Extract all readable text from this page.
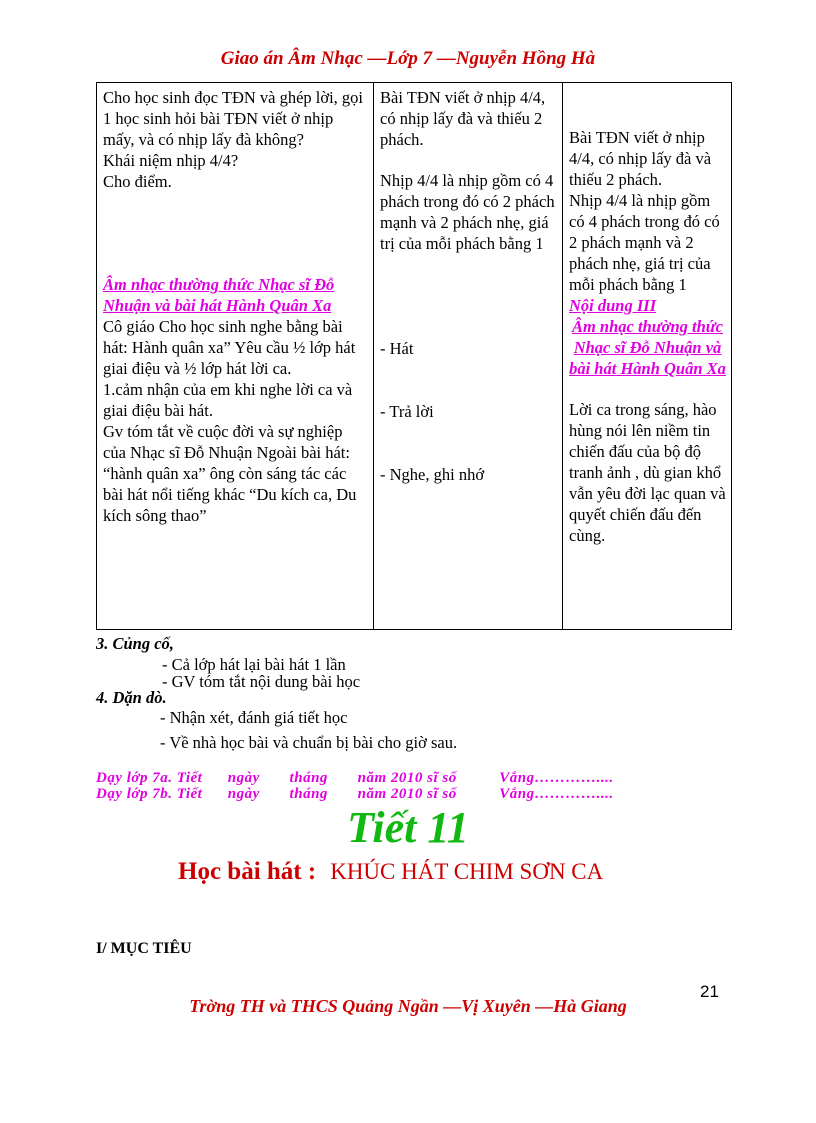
Giao án Âm Nhạc —Lớp 7 —Nguyễn Hồng Hà
Cho học sinh đọc TĐN và ghép lời, gọi 1 học sinh hỏi bài TĐN viết ở nhịp mấy, và có nhịp lấy đà không?
Khái niệm nhịp 4/4?
Cho điểm.
Âm nhạc thường thức Nhạc sĩ Đỗ Nhuận và bài hát Hành Quân Xa
Cô giáo Cho học sinh nghe bằng bài hát: Hành quân xa” Yêu cầu ½ lớp hát giai điệu và ½ lớp hát lời ca.
1.cảm nhận của em khi nghe lời ca và giai điệu bài hát.
Gv tóm tắt về cuộc đời và sự nghiệp của Nhạc sĩ Đỗ Nhuận Ngoài bài hát: “hành quân xa” ông còn sáng tác các bài hát nổi tiếng khác “Du kích ca, Du kích sông thao”

Bài TĐN viết ở nhịp 4/4, có nhịp lấy đà và thiếu 2 phách.
Nhịp 4/4 là nhịp gồm có 4 phách trong đó có 2 phách mạnh và 2 phách nhẹ, giá trị của mỗi phách bằng 1
- Hát
- Trả lời
- Nghe, ghi nhớ

Bài TĐN viết ở nhịp 4/4, có nhịp lấy đà và thiếu 2 phách.
Nhịp 4/4 là nhịp gồm có 4 phách trong đó có 2 phách mạnh và 2 phách nhẹ, giá trị của mỗi phách bằng 1
Nội dung III
Âm nhạc thường thức Nhạc sĩ Đỗ Nhuận và bài hát Hành Quân Xa
Lời ca trong sáng, hào hùng nói lên niềm tin chiến đấu của bộ độ tranh ảnh , dù gian khổ vẫn yêu đời lạc quan và quyết chiến đấu đến cùng.
3. Củng cố,
- Cả lớp hát lại bài hát 1 lần
- GV tóm tắt nội dung bài học
4. Dặn dò.
- Nhận xét, đánh giá tiết học
- Về nhà học bài và chuẩn bị bài cho giờ sau.
Dạy lớp 7a. Tiết      ngày       tháng       năm 2010 sĩ số          Vắng…………....
Dạy lớp 7b. Tiết      ngày       tháng       năm 2010 sĩ số          Vắng…………....
Tiết 11
Học bài hát : KHÚC HÁT CHIM SƠN CA
I/ MỤC TIÊU
21
Trờng TH và THCS Quảng Ngần —Vị Xuyên —Hà Giang
